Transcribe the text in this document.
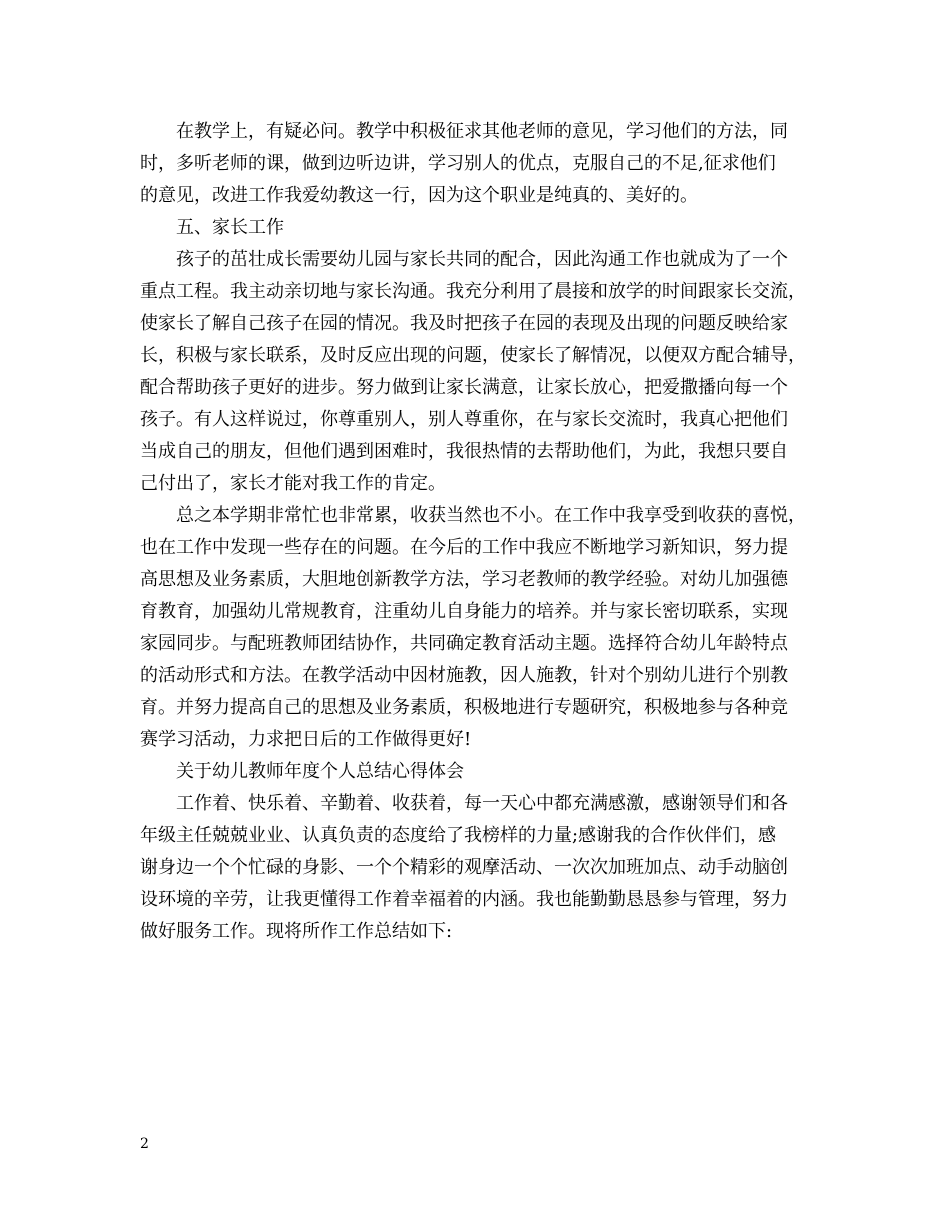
在教学上，有疑必问。教学中积极征求其他老师的意见，学习他们的方法，同
时，多听老师的课，做到边听边讲，学习别人的优点，克服自己的不足,征求他们
的意见，改进工作我爱幼教这一行，因为这个职业是纯真的、美好的。
五、家长工作
孩子的茁壮成长需要幼儿园与家长共同的配合，因此沟通工作也就成为了一个
重点工程。我主动亲切地与家长沟通。我充分利用了晨接和放学的时间跟家长交流，
使家长了解自己孩子在园的情况。我及时把孩子在园的表现及出现的问题反映给家
长，积极与家长联系，及时反应出现的问题，使家长了解情况，以便双方配合辅导，
配合帮助孩子更好的进步。努力做到让家长满意，让家长放心，把爱撒播向每一个
孩子。有人这样说过，你尊重别人，别人尊重你，在与家长交流时，我真心把他们
当成自己的朋友，但他们遇到困难时，我很热情的去帮助他们，为此，我想只要自
己付出了，家长才能对我工作的肯定。
总之本学期非常忙也非常累，收获当然也不小。在工作中我享受到收获的喜悦，
也在工作中发现一些存在的问题。在今后的工作中我应不断地学习新知识，努力提
高思想及业务素质，大胆地创新教学方法，学习老教师的教学经验。对幼儿加强德
育教育，加强幼儿常规教育，注重幼儿自身能力的培养。并与家长密切联系，实现
家园同步。与配班教师团结协作，共同确定教育活动主题。选择符合幼儿年龄特点
的活动形式和方法。在教学活动中因材施教，因人施教，针对个别幼儿进行个别教
育。并努力提高自己的思想及业务素质，积极地进行专题研究，积极地参与各种竞
赛学习活动，力求把日后的工作做得更好!
关于幼儿教师年度个人总结心得体会
工作着、快乐着、辛勤着、收获着，每一天心中都充满感激，感谢领导们和各
年级主任兢兢业业、认真负责的态度给了我榜样的力量;感谢我的合作伙伴们，感
谢身边一个个忙碌的身影、一个个精彩的观摩活动、一次次加班加点、动手动脑创
设环境的辛劳，让我更懂得工作着幸福着的内涵。我也能勤勤恳恳参与管理，努力
做好服务工作。现将所作工作总结如下:
2
